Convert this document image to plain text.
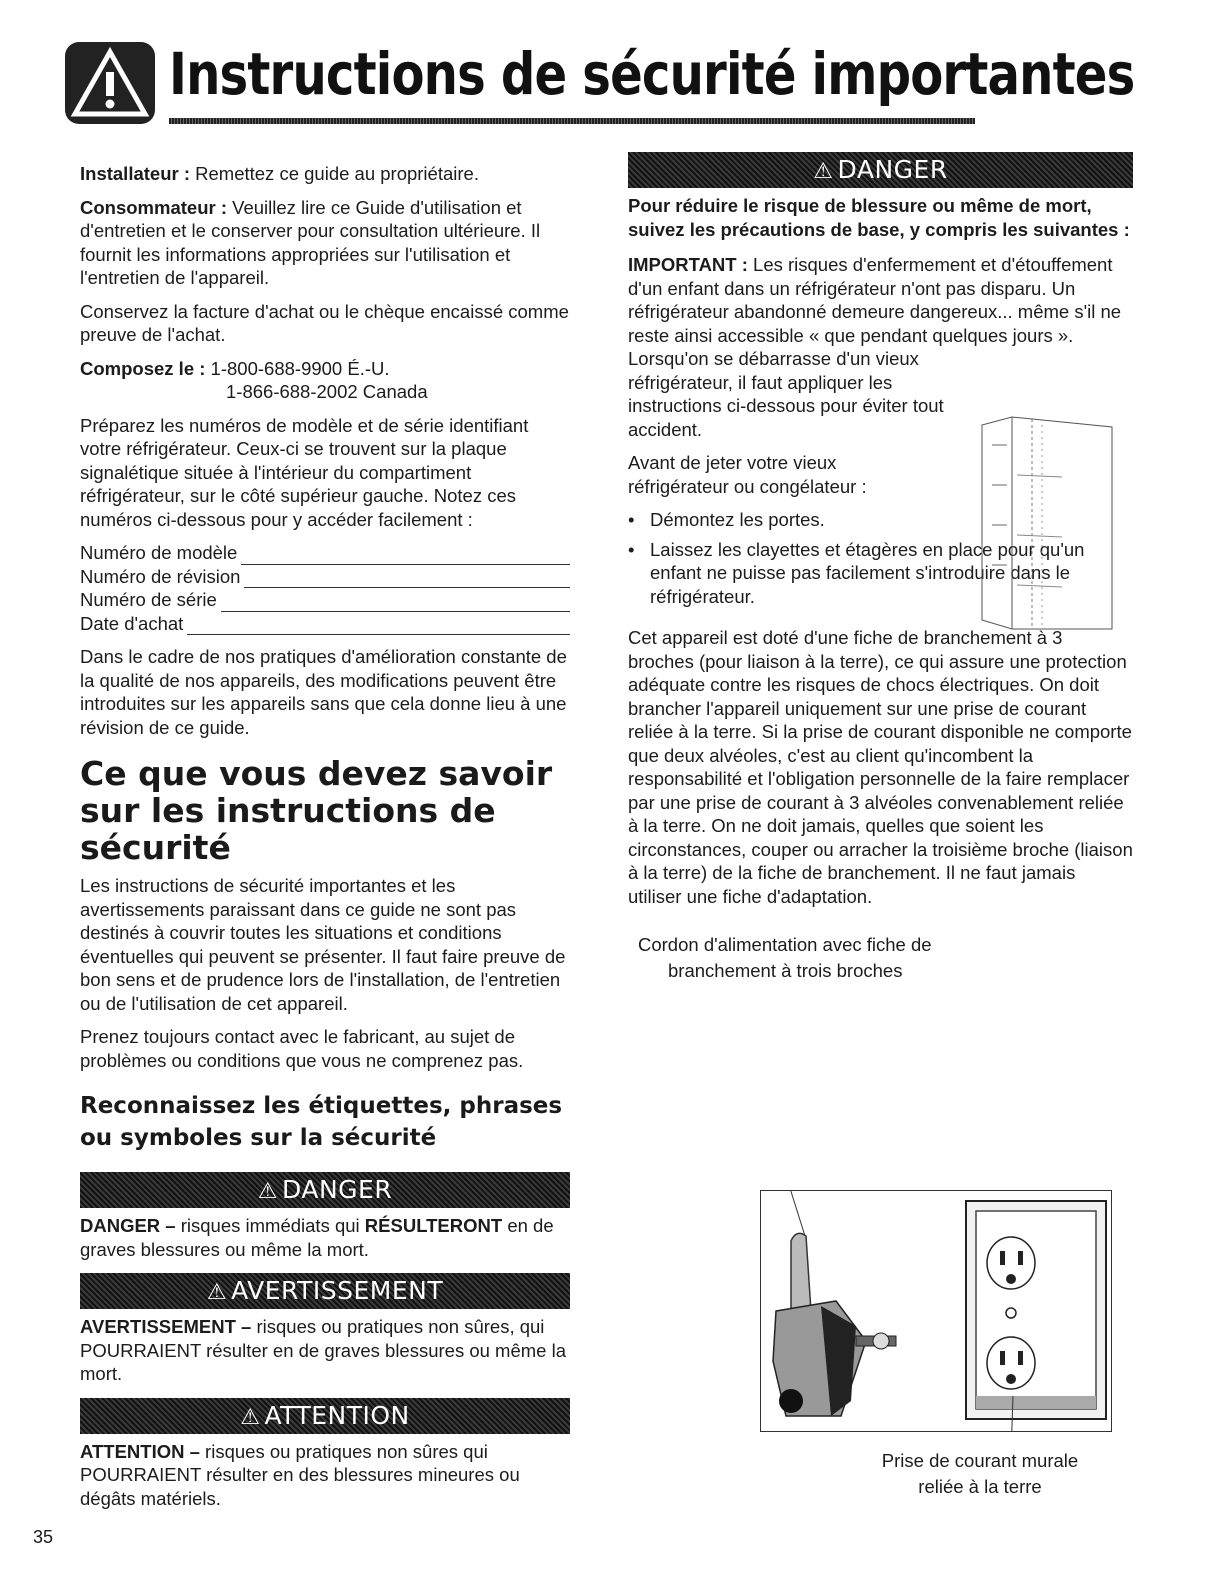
Instructions de sécurité importantes

Installateur : Remettez ce guide au propriétaire.

Consommateur : Veuillez lire ce Guide d'utilisation et d'entretien et le conserver pour consultation ultérieure. Il fournit les informations appropriées sur l'utilisation et l'entretien de l'appareil.

Conservez la facture d'achat ou le chèque encaissé comme preuve de l'achat.

Composez le : 1-800-688-9900 É.-U.

1-866-688-2002 Canada

Préparez les numéros de modèle et de série identifiant votre réfrigérateur. Ceux-ci se trouvent sur la plaque signalétique située à l'intérieur du compartiment réfrigérateur, sur le côté supérieur gauche. Notez ces numéros ci-dessous pour y accéder facilement :

Numéro de modèle
Numéro de révision
Numéro de série
Date d'achat

Dans le cadre de nos pratiques d'amélioration constante de la qualité de nos appareils, des modifications peuvent être introduites sur les appareils sans que cela donne lieu à une révision de ce guide.

Ce que vous devez savoir sur les instructions de sécurité

Les instructions de sécurité importantes et les avertissements paraissant dans ce guide ne sont pas destinés à couvrir toutes les situations et conditions éventuelles qui peuvent se présenter. Il faut faire preuve de bon sens et de prudence lors de l'installation, de l'entretien ou de l'utilisation de cet appareil.

Prenez toujours contact avec le fabricant, au sujet de problèmes ou conditions que vous ne comprenez pas.

Reconnaissez les étiquettes, phrases ou symboles sur la sécurité
⚠ DANGER

DANGER – risques immédiats qui RÉSULTERONT en de graves blessures ou même la mort.

⚠ AVERTISSEMENT

AVERTISSEMENT – risques ou pratiques non sûres, qui POURRAIENT résulter en de graves blessures ou même la mort.

⚠ ATTENTION

ATTENTION – risques ou pratiques non sûres qui POURRAIENT résulter en des blessures mineures ou dégâts matériels.

⚠ DANGER

Pour réduire le risque de blessure ou même de mort, suivez les précautions de base, y compris les suivantes :

IMPORTANT : Les risques d'enfermement et d'étouffement d'un enfant dans un réfrigérateur n'ont pas disparu. Un réfrigérateur abandonné demeure dangereux... même s'il ne reste ainsi accessible « que pendant quelques jours ».

Lorsqu'on se débarrasse d'un vieux réfrigérateur, il faut appliquer les instructions ci-dessous pour éviter tout accident.

Avant de jeter votre vieux réfrigérateur ou congélateur :

• Démontez les portes.
• Laissez les clayettes et étagères en place pour qu'un enfant ne puisse pas facilement s'introduire dans le réfrigérateur.

Cet appareil est doté d'une fiche de branchement à 3 broches (pour liaison à la terre), ce qui assure une protection adéquate contre les risques de chocs électriques. On doit brancher l'appareil uniquement sur une prise de courant reliée à la terre. Si la prise de courant disponible ne comporte que deux alvéoles, c'est au client qu'incombent la responsabilité et l'obligation personnelle de la faire remplacer par une prise de courant à 3 alvéoles convenablement reliée à la terre. On ne doit jamais, quelles que soient les circonstances, couper ou arracher la troisième broche (liaison à la terre) de la fiche de branchement. Il ne faut jamais utiliser une fiche d'adaptation.

Cordon d'alimentation avec fiche de
branchement à trois broches

Prise de courant murale
reliée à la terre
35
